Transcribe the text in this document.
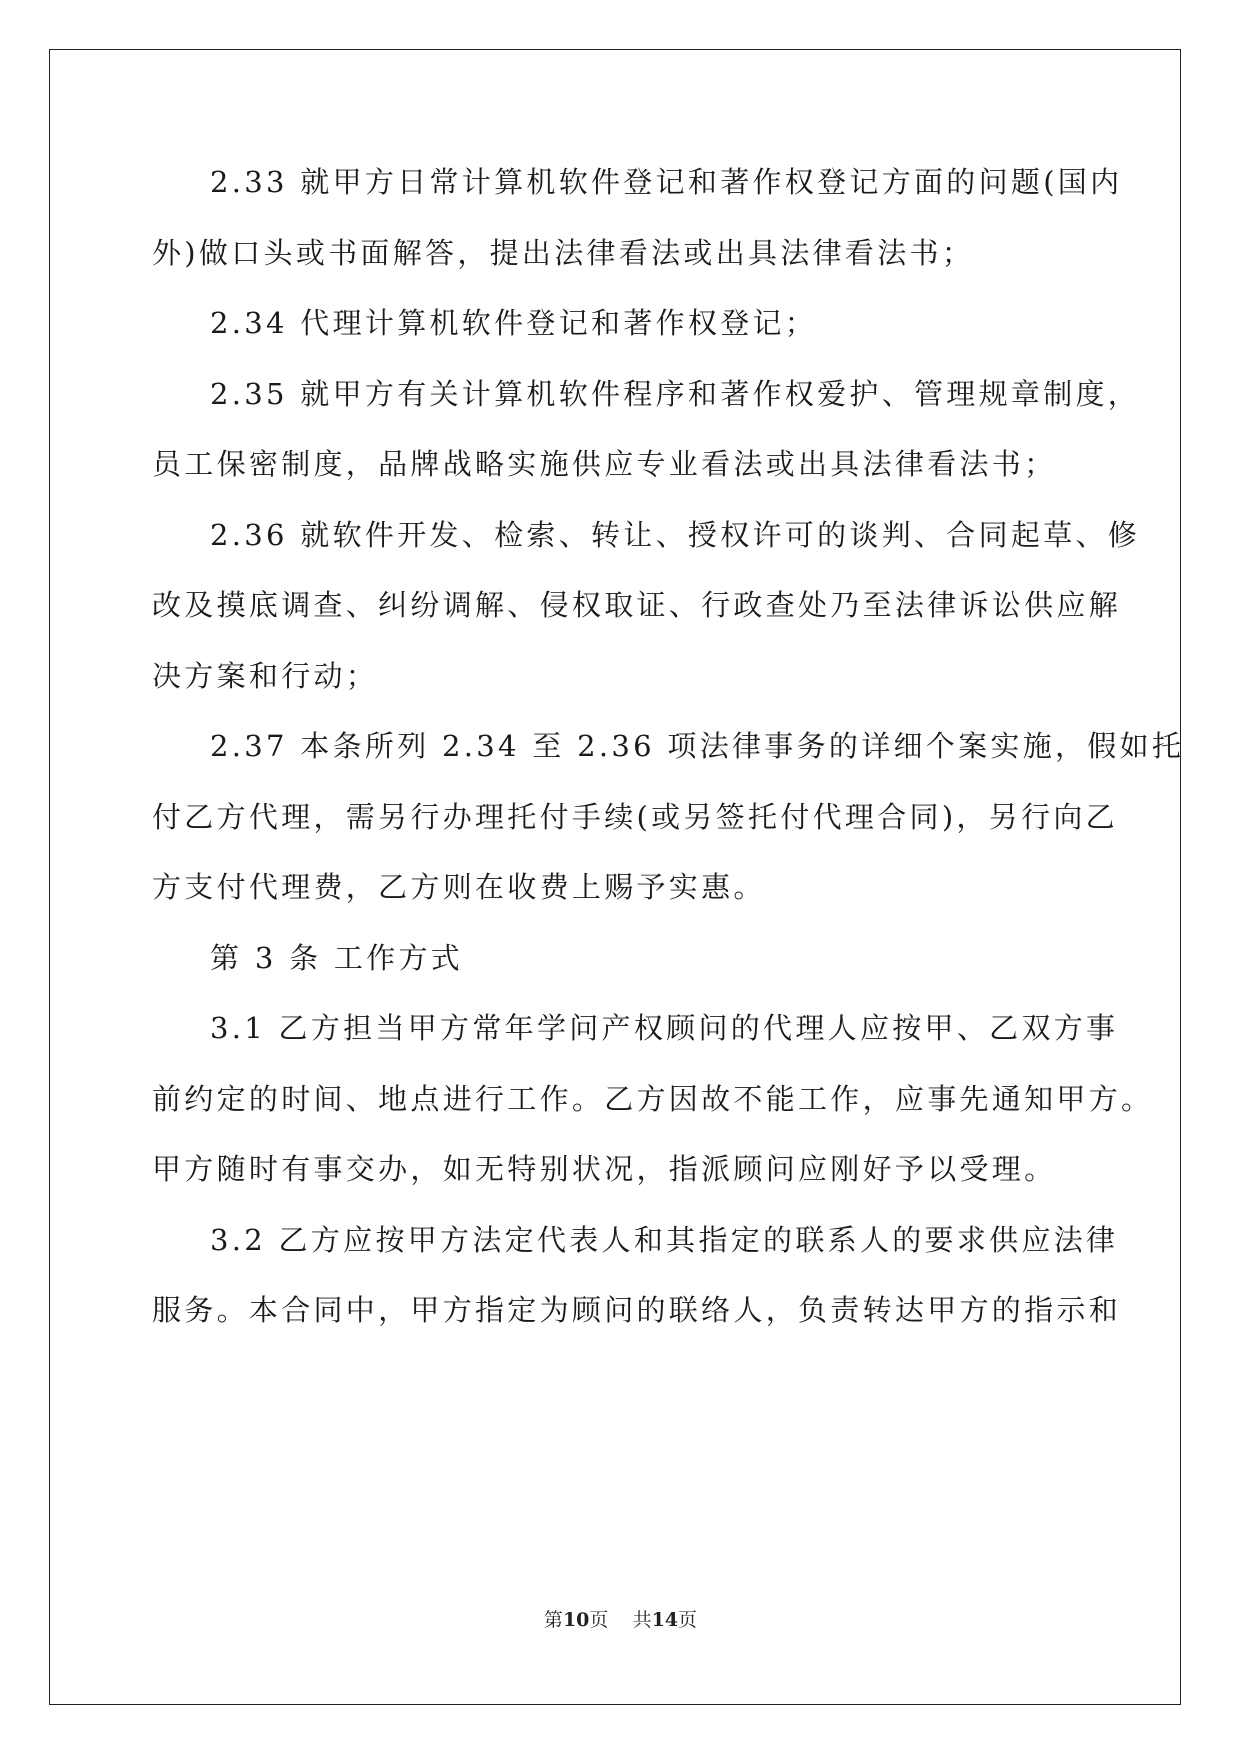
2.33 就甲方日常计算机软件登记和著作权登记方面的问题(国内
外)做口头或书面解答，提出法律看法或出具法律看法书；
2.34 代理计算机软件登记和著作权登记；
2.35 就甲方有关计算机软件程序和著作权爱护、管理规章制度，
员工保密制度，品牌战略实施供应专业看法或出具法律看法书；
2.36 就软件开发、检索、转让、授权许可的谈判、合同起草、修
改及摸底调查、纠纷调解、侵权取证、行政查处乃至法律诉讼供应解
决方案和行动；
2.37 本条所列 2.34 至 2.36 项法律事务的详细个案实施，假如托
付乙方代理，需另行办理托付手续(或另签托付代理合同)，另行向乙
方支付代理费，乙方则在收费上赐予实惠。
第 3 条 工作方式
3.1 乙方担当甲方常年学问产权顾问的代理人应按甲、乙双方事
前约定的时间、地点进行工作。乙方因故不能工作，应事先通知甲方。
甲方随时有事交办，如无特别状况，指派顾问应刚好予以受理。
3.2 乙方应按甲方法定代表人和其指定的联系人的要求供应法律
服务。本合同中，甲方指定为顾问的联络人，负责转达甲方的指示和
第10页 共14页
